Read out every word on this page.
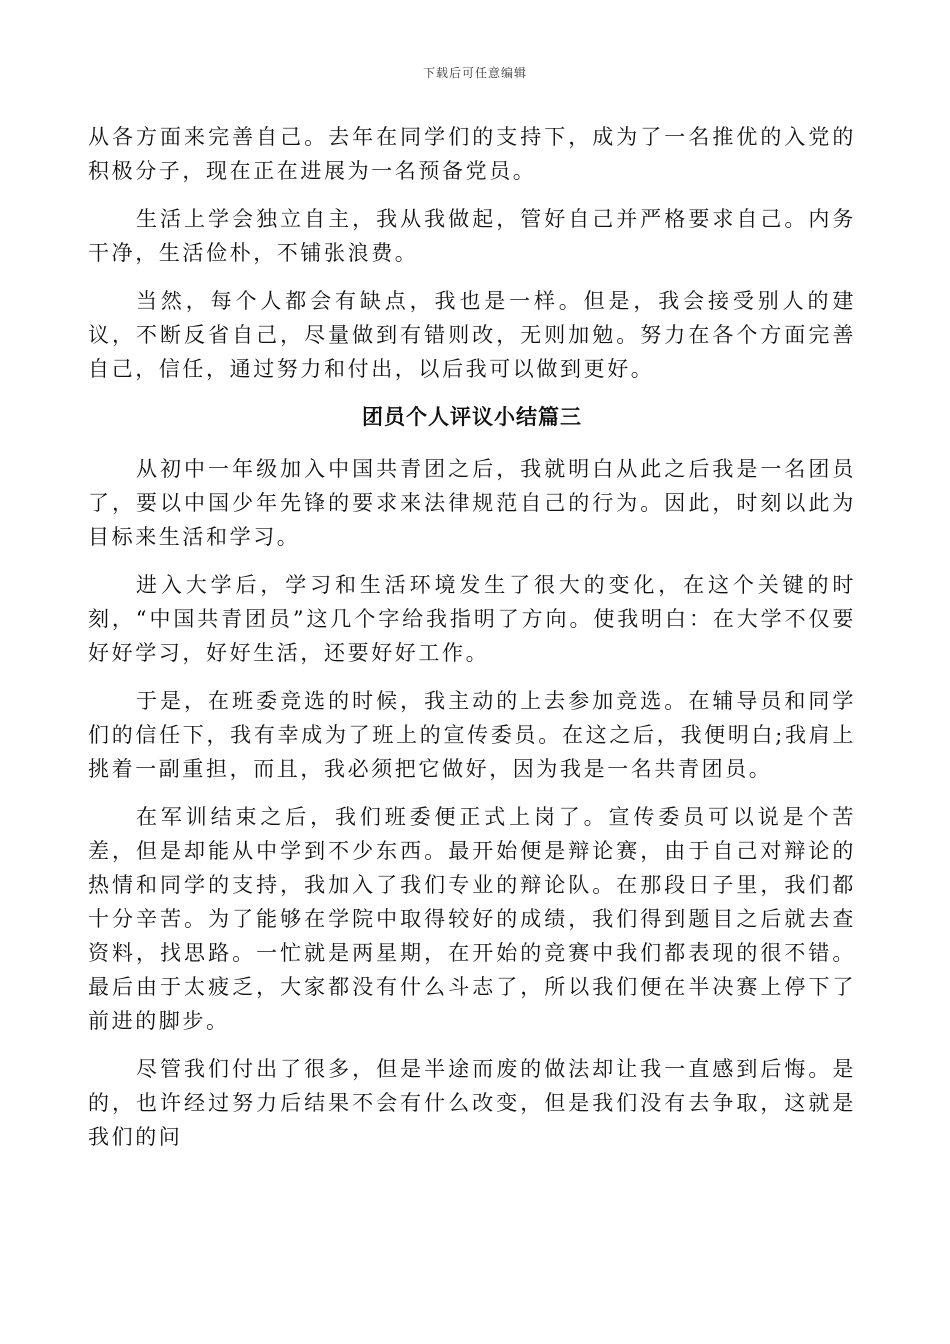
下载后可任意编辑

从各方面来完善自己。去年在同学们的支持下，成为了一名推优的入党的积极分子，现在正在进展为一名预备党员。

生活上学会独立自主，我从我做起，管好自己并严格要求自己。内务干净，生活俭朴，不铺张浪费。

当然，每个人都会有缺点，我也是一样。但是，我会接受别人的建议，不断反省自己，尽量做到有错则改，无则加勉。努力在各个方面完善自己，信任，通过努力和付出，以后我可以做到更好。

团员个人评议小结篇三

从初中一年级加入中国共青团之后，我就明白从此之后我是一名团员了，要以中国少年先锋的要求来法律规范自己的行为。因此，时刻以此为目标来生活和学习。

进入大学后，学习和生活环境发生了很大的变化，在这个关键的时刻，“中国共青团员”这几个字给我指明了方向。使我明白：在大学不仅要好好学习，好好生活，还要好好工作。

于是，在班委竞选的时候，我主动的上去参加竞选。在辅导员和同学们的信任下，我有幸成为了班上的宣传委员。在这之后，我便明白;我肩上挑着一副重担，而且，我必须把它做好，因为我是一名共青团员。

在军训结束之后，我们班委便正式上岗了。宣传委员可以说是个苦差，但是却能从中学到不少东西。最开始便是辩论赛，由于自己对辩论的热情和同学的支持，我加入了我们专业的辩论队。在那段日子里，我们都十分辛苦。为了能够在学院中取得较好的成绩，我们得到题目之后就去查资料，找思路。一忙就是两星期，在开始的竞赛中我们都表现的很不错。最后由于太疲乏，大家都没有什么斗志了，所以我们便在半决赛上停下了前进的脚步。

尽管我们付出了很多，但是半途而废的做法却让我一直感到后悔。是的，也许经过努力后结果不会有什么改变，但是我们没有去争取，这就是我们的问
